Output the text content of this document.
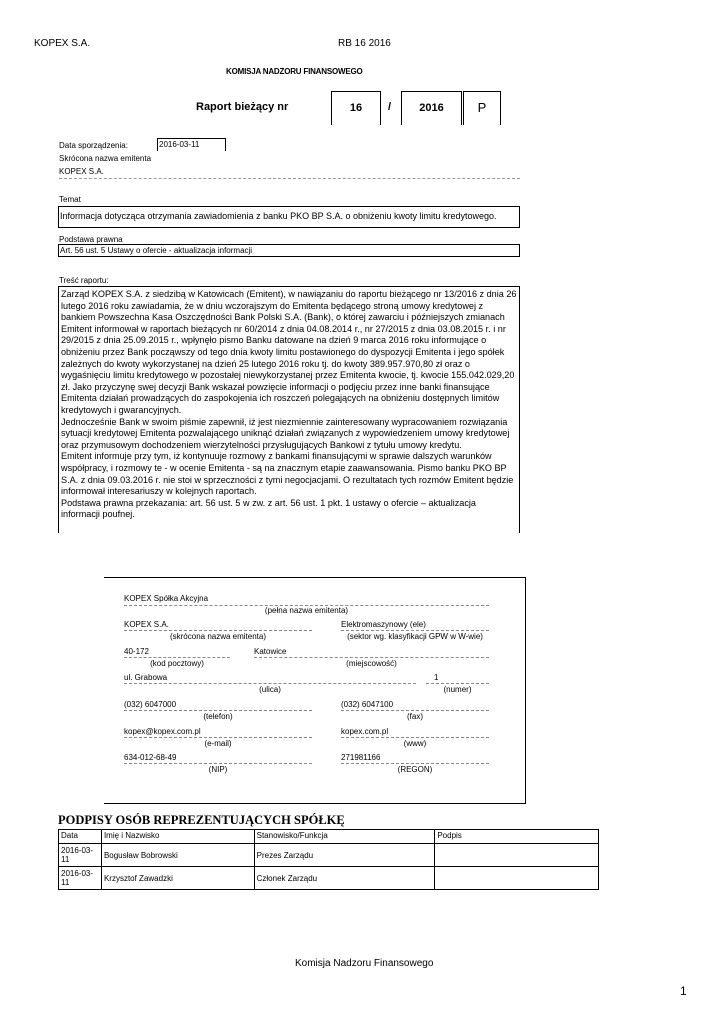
KOPEX S.A.	RB 16 2016
KOMISJA NADZORU FINANSOWEGO
Raport bieżący nr	16	/	2016	P
Data sporządzenia:	2016-03-11
Skrócona nazwa emitenta
KOPEX S.A.
Temat
Informacja dotycząca otrzymania zawiadomienia z banku PKO BP S.A. o obniżeniu kwoty limitu kredytowego.
Podstawa prawna
Art. 56 ust. 5 Ustawy o ofercie - aktualizacja informacji
Treść raportu:

Zarząd KOPEX S.A. z siedzibą w Katowicach (Emitent), w nawiązaniu do raportu bieżącego nr 13/2016 z dnia 26 lutego 2016 roku zawiadamia, że w dniu wczorajszym do Emitenta będącego stroną umowy kredytowej z bankiem Powszechna Kasa Oszczędności Bank Polski S.A. (Bank), o której zawarciu i późniejszych zmianach Emitent informował w raportach bieżących nr 60/2014 z dnia 04.08.2014 r., nr 27/2015 z dnia 03.08.2015 r. i nr 29/2015 z dnia 25.09.2015 r., wpłynęło pismo Banku datowane na dzień 9 marca 2016 roku informujące o obniżeniu przez Bank począwszy od tego dnia kwoty limitu postawionego do dyspozycji Emitenta i jego spółek zależnych do kwoty wykorzystanej na dzień 25 lutego 2016 roku tj. do kwoty 389.957.970,80 zł oraz o wygaśnięciu limitu kredytowego w pozostałej niewykorzystanej przez Emitenta kwocie, tj. kwocie 155.042.029,20 zł. Jako przyczynę swej decyzji Bank wskazał powzięcie informacji o podjęciu przez inne banki finansujące Emitenta działań prowadzących do zaspokojenia ich roszczeń polegających na obniżeniu dostępnych limitów kredytowych i gwarancyjnych.

Jednocześnie Bank w swoim piśmie zapewnił, iż jest niezmiennie zainteresowany wypracowaniem rozwiązania sytuacji kredytowej Emitenta pozwalającego uniknąć działań związanych z wypowiedzeniem umowy kredytowej oraz przymusowym dochodzeniem wierzytelności przysługujących Bankowi z tytułu umowy kredytu.

Emitent informuje przy tym, iż kontynuuje rozmowy z bankami finansującymi w sprawie dalszych warunków współpracy, i rozmowy te - w ocenie Emitenta - są na znacznym etapie zaawansowania. Pismo banku PKO BP S.A. z dnia 09.03.2016 r. nie stoi w sprzeczności z tymi negocjacjami. O rezultatach tych rozmów Emitent będzie informował interesariuszy w kolejnych raportach.

Podstawa prawna przekazania: art. 56 ust. 5 w zw. z art. 56 ust. 1 pkt. 1 ustawy o ofercie – aktualizacja informacji poufnej.

KOPEX Spółka Akcyjna
(pełna nazwa emitenta)
KOPEX S.A.
(skrócona nazwa emitenta)
Elektromaszynowy (ele)
(sektor wg. klasyfikacji GPW w W-wie)
40-172
(kod pocztowy)
Katowice
(miejscowość)
ul. Grabowa
(ulica)
1
(numer)
(032) 6047000
(telefon)
(032) 6047100
(fax)
kopex@kopex.com.pl
(e-mail)
kopex.com.pl
(www)
634-012-68-49
(NIP)
271981166
(REGON)
PODPISY OSÓB REPREZENTUJĄCYCH SPÓŁKĘ
Data	Imię i Nazwisko	Stanowisko/Funkcja	Podpis
2016-03-11	Bogusław Bobrowski	Prezes Zarządu	
2016-03-11	Krzysztof Zawadzki	Członek Zarządu	
Komisja Nadzoru Finansowego
1
